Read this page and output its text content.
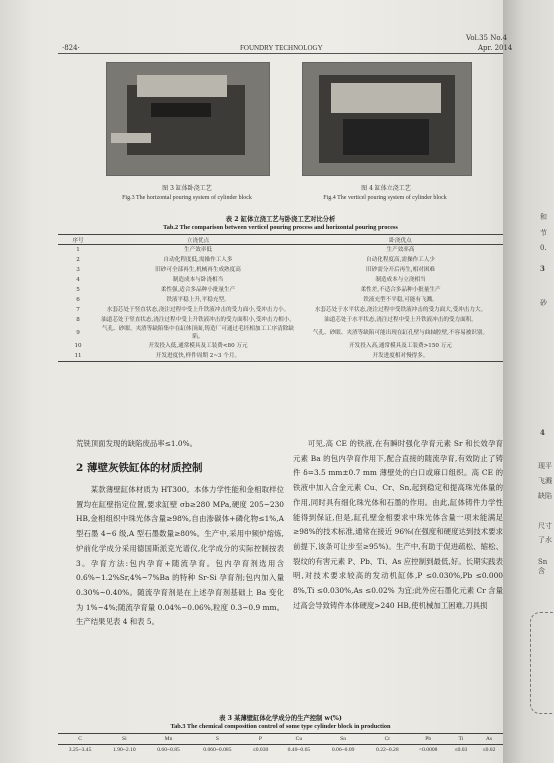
·824·	FOUNDRY TECHNOLOGY
Vol.35 No.4
Apr. 2014
图 3 缸体卧浇工艺
Fig.3 The horizontal pouring system of cylinder block
图 4 缸体立浇工艺
Fig.4 The verticel pouring system of cylinder block
表 2 缸体立浇工艺与卧浇工艺对比分析
Tab.2 The comparison between verticel pouring process and horizontal pouring process
序号	立浇优点	卧浇优点
1	生产效率低	生产效率高
2	自动化程度低,需操作工人多	自动化程度高,需操作工人少
3	旧砂可全部再生,机械再生成熟度高	旧砂需分开后再生,相对困难
4	制造成本与卧浇相当	制造成本与立浇相当
5	柔性强,适合多品种小批量生产	柔性差,不适合多品种小批量生产
6	铁液平稳上升,平稳充型。	铁液充型不平稳,可能有飞溅。
7	水套芯处于竖直状态,浇注过程中受上升铁液冲击的受力面小,受冲击力小。	水套芯处于水平状态,浇注过程中受铁液冲击的受力面大,受冲击力大。
8	油道芯处于竖直状态,浇注过程中受上升铁液冲击的受力面积小,受冲击力相小。	油道芯处于水平状态,浇注过程中受上升铁液冲击的受力面积。
9	气孔、砂眼、夹渣等缺陷集中在缸体顶面,铸造厂可通过毛坯相加工工序清除缺陷。	气孔、砂眼、夹渣等缺陷可能出现在缸孔壁与曲轴腔壁,不容易被识别。
10	开发投入低,通常模具及工装费<80 万元	开发投入高,通常模具及工装费>150 万元
11	开发进度快,样件周期 2~3 个月。	开发进度相对慢得多。
荒铣顶面发现的缺陷废品率≤1.0%。
2 薄壁灰铁缸体的材质控制
某款薄壁缸体材质为 HT300。本体力学性能和金相取样位置均在缸壁指定位置,要求缸壁 σb≥280 MPa,硬度 205~230 HB,金相组织中珠光体含量≥98%,自由渗碳体+磷化物≤1%,A 型石墨 4~6 级,A 型石墨数量≥80%。生产中,采用中频炉熔炼,炉前化学成分采用德国斯派克光谱仪,化学成分的实际控制按表 3。孕育方法:包内孕育+随流孕育。包内孕育剂选用含 0.6%~1.2%Sr,4%~7%Ba 的特种 Sr-Si 孕育剂;包内加入量 0.30%~0.40%。随流孕育剂是在上述孕育剂基础上 Ba 变化为 1%~4%;随流孕育量 0.04%~0.06%,粒度 0.3~0.9 mm。生产结果见表 4 和表 5。
可见,高 CE 的铁液,在有瞬时强化孕育元素 Sr 和长效孕育元素 Ba 的包内孕育作用下,配合直接的随流孕育,有效防止了铸件 δ=3.5 mm±0.7 mm 薄壁处的白口或麻口组织。高 CE 的铁液中加入合金元素 Cu、Cr、Sn,起到稳定和提高珠光体量的作用,同时具有细化珠光体和石墨的作用。由此,缸体铸件力学性能得到保证,但是,缸孔壁金相要求中珠光体含量一项未能满足≥98%的技术标准,通常在接近 96%(在强度和硬度达到技术要求前提下,该条可让步至≥95%)。生产中,有助于促进疏松、缩松、裂纹的有害元素 P、Pb、Ti、As 应控制到最低,好。长期实践表明,对技术要求较高的发动机缸体,P ≤0.030%,Pb ≤0.000 8%,Ti ≤0.030%,As ≤0.02% 为宜;此外应石墨化元素 Cr 含量过高会导致铸件本体硬度>240 HB,使机械加工困难,刀具损
表 3 某薄壁缸体化学成分的生产控制 w(%)
Tab.3 The chemical composition control of some type cylinder block in production
C	Si	Mn	S	P	Cu	Sn	Cr	Pb	Ti	As
3.25~3.45	1.90~2.10	0.60~0.85	0.060~0.085	≤0.030	0.40~0.65	0.06~0.09	0.22~0.28	<0.0008	≤0.03	≤0.02
和
节
0.
3
砂
4
现平
飞溅
缺陷
尺寸
了水
Sn 含
